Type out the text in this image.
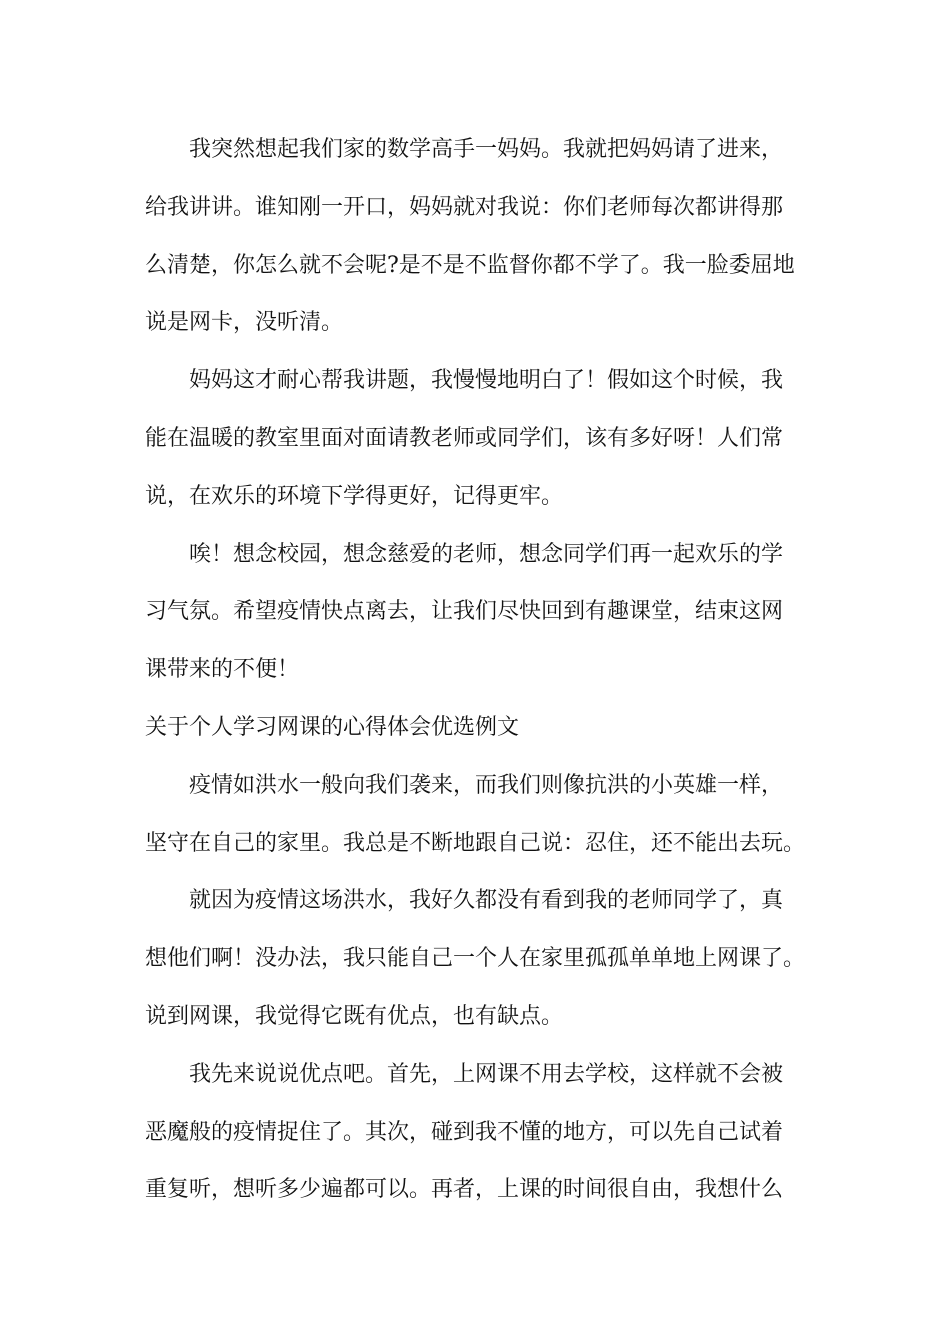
我突然想起我们家的数学高手一妈妈。我就把妈妈请了进来，
给我讲讲。谁知刚一开口，妈妈就对我说：你们老师每次都讲得那
么清楚，你怎么就不会呢?是不是不监督你都不学了。我一脸委屈地
说是网卡，没听清。
妈妈这才耐心帮我讲题，我慢慢地明白了！假如这个时候，我
能在温暖的教室里面对面请教老师或同学们，该有多好呀！人们常
说，在欢乐的环境下学得更好，记得更牢。
唉！想念校园，想念慈爱的老师，想念同学们再一起欢乐的学
习气氛。希望疫情快点离去，让我们尽快回到有趣课堂，结束这网
课带来的不便！
关于个人学习网课的心得体会优选例文
疫情如洪水一般向我们袭来，而我们则像抗洪的小英雄一样，
坚守在自己的家里。我总是不断地跟自己说：忍住，还不能出去玩。
就因为疫情这场洪水，我好久都没有看到我的老师同学了，真
想他们啊！没办法，我只能自己一个人在家里孤孤单单地上网课了。
说到网课，我觉得它既有优点，也有缺点。
我先来说说优点吧。首先，上网课不用去学校，这样就不会被
恶魔般的疫情捉住了。其次，碰到我不懂的地方，可以先自己试着
重复听，想听多少遍都可以。再者，上课的时间很自由，我想什么
